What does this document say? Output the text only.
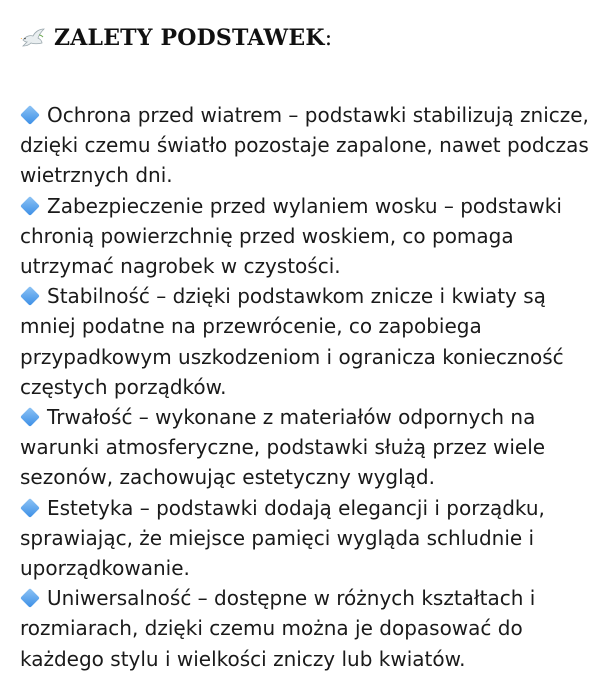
ZALETY PODSTAWEK :

Ochrona przed wiatrem – podstawki stabilizują znicze, dzięki czemu światło pozostaje zapalone, nawet podczas wietrznych dni.

Zabezpieczenie przed wylaniem wosku – podstawki chronią powierzchnię przed woskiem, co pomaga utrzymać nagrobek w czystości.

Stabilność – dzięki podstawkom znicze i kwiaty są mniej podatne na przewrócenie, co zapobiega przypadkowym uszkodzeniom i ogranicza konieczność częstych porządków.

Trwałość – wykonane z materiałów odpornych na warunki atmosferyczne, podstawki służą przez wiele sezonów, zachowując estetyczny wygląd.

Estetyka – podstawki dodają elegancji i porządku, sprawiając, że miejsce pamięci wygląda schludnie i uporządkowanie.

Uniwersalność – dostępne w różnych kształtach i rozmiarach, dzięki czemu można je dopasować do każdego stylu i wielkości zniczy lub kwiatów.
